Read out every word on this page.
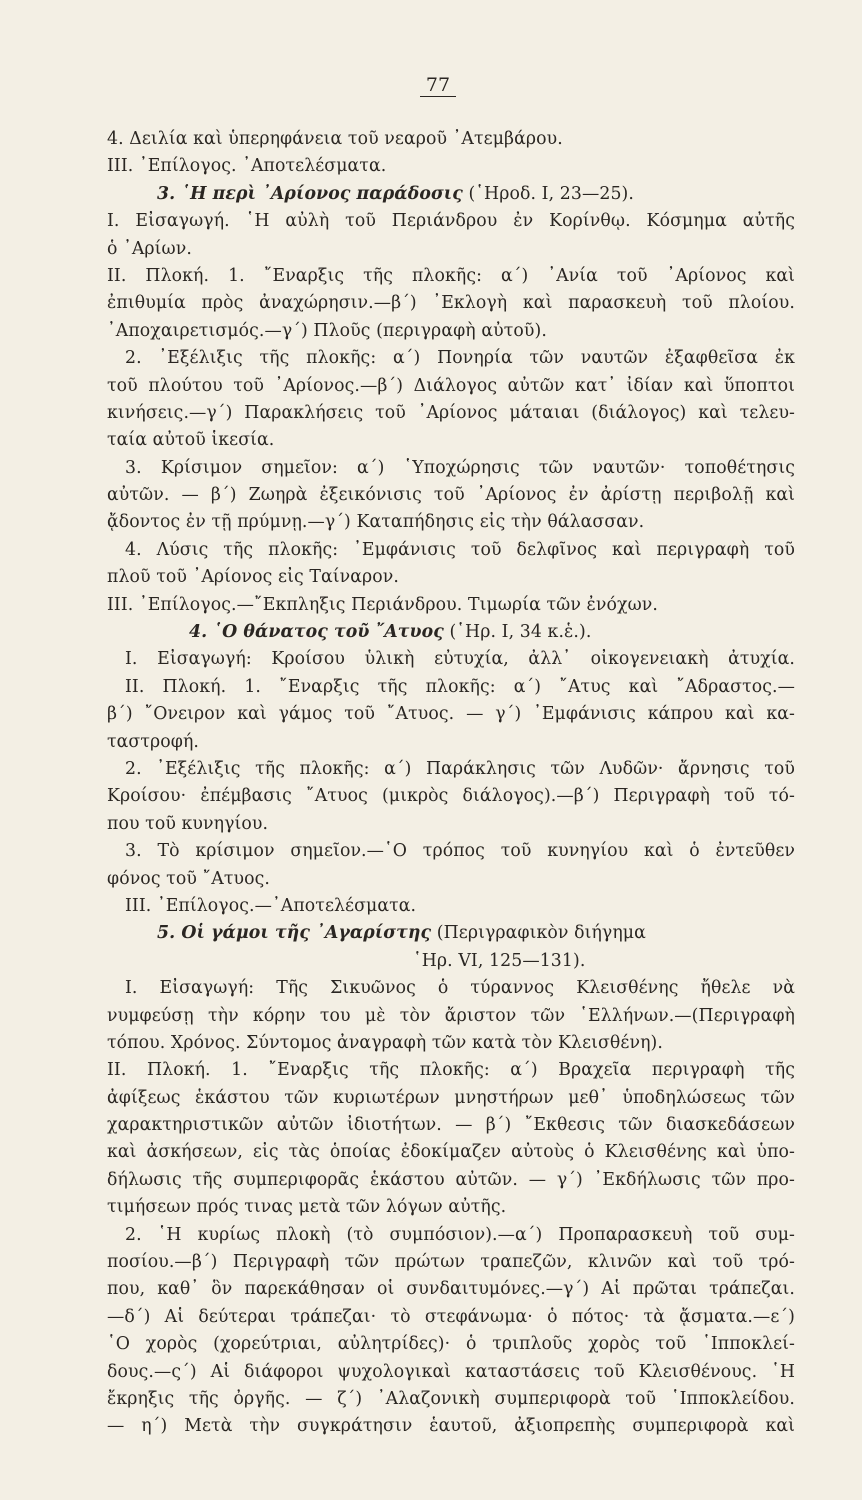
77
4. Δειλία καὶ ὑπερηφάνεια τοῦ νεαροῦ ᾿Ατεμβάρου.
ΙΙΙ. ᾿Επίλογος. ᾿Αποτελέσματα.
3. ῾Η περὶ ᾿Αρίονος παράδοσις (῾Ηροδ. Ι, 23—25).
Ι. Εἰσαγωγή. ῾Η αὐλὴ τοῦ Περιάνδρου ἐν Κορίνθῳ. Κόσμημα αὐτῆς
ὁ ᾿Αρίων.
ΙΙ. Πλοκή. 1. ῎Εναρξις τῆς πλοκῆς: α΄) ᾿Ανία τοῦ ᾿Αρίονος καὶ
ἐπιθυμία πρὸς ἀναχώρησιν.—β΄) ᾿Εκλογὴ καὶ παρασκευὴ τοῦ πλοίου.
᾿Αποχαιρετισμός.—γ΄) Πλοῦς (περιγραφὴ αὐτοῦ).
2. ᾿Εξέλιξις τῆς πλοκῆς: α΄) Πονηρία τῶν ναυτῶν ἐξαφθεῖσα ἐκ
τοῦ πλούτου τοῦ ᾿Αρίονος.—β΄) Διάλογος αὐτῶν κατ᾿ ἰδίαν καὶ ὕποπτοι
κινήσεις.—γ΄) Παρακλήσεις τοῦ ᾿Αρίονος μάταιαι (διάλογος) καὶ τελευ-
ταία αὐτοῦ ἱκεσία.
3. Κρίσιμον σημεῖον: α΄) ῾Υποχώρησις τῶν ναυτῶν· τοποθέτησις
αὐτῶν. — β΄) Ζωηρὰ ἐξεικόνισις τοῦ ᾿Αρίονος ἐν ἀρίστῃ περιβολῇ καὶ
ᾄδοντος ἐν τῇ πρύμνῃ.—γ΄) Καταπήδησις εἰς τὴν θάλασσαν.
4. Λύσις τῆς πλοκῆς: ᾿Εμφάνισις τοῦ δελφῖνος καὶ περιγραφὴ τοῦ
πλοῦ τοῦ ᾿Αρίονος εἰς Ταίναρον.
ΙΙΙ. ᾿Επίλογος.—῎Εκπληξις Περιάνδρου. Τιμωρία τῶν ἐνόχων.
4. ῾Ο θάνατος τοῦ ῎Ατυος (῾Ηρ. Ι, 34 κ.ἑ.).
Ι. Εἰσαγωγή: Κροίσου ὑλικὴ εὐτυχία, ἀλλ᾿ οἰκογενειακὴ ἀτυχία.
ΙΙ. Πλοκή. 1. ῎Εναρξις τῆς πλοκῆς: α΄) ῎Ατυς καὶ ῎Αδραστος.—
β΄) ῎Ονειρον καὶ γάμος τοῦ ῎Ατυος. — γ΄) ᾿Εμφάνισις κάπρου καὶ κα-
ταστροφή.
2. ᾿Εξέλιξις τῆς πλοκῆς: α΄) Παράκλησις τῶν Λυδῶν· ἄρνησις τοῦ
Κροίσου· ἐπέμβασις ῎Ατυος (μικρὸς διάλογος).—β΄) Περιγραφὴ τοῦ τό-
που τοῦ κυνηγίου.
3. Τὸ κρίσιμον σημεῖον.—῾Ο τρόπος τοῦ κυνηγίου καὶ ὁ ἐντεῦθεν
φόνος τοῦ ῎Ατυος.
ΙΙΙ. ᾿Επίλογος.—᾿Αποτελέσματα.
5. Οἱ γάμοι τῆς ᾿Αγαρίστης (Περιγραφικὸν διήγημα
῾Ηρ. VI, 125—131).
Ι. Εἰσαγωγή: Τῆς Σικυῶνος ὁ τύραννος Κλεισθένης ἤθελε νὰ
νυμφεύσῃ τὴν κόρην του μὲ τὸν ἄριστον τῶν ῾Ελλήνων.—(Περιγραφὴ
τόπου. Χρόνος. Σύντομος ἀναγραφὴ τῶν κατὰ τὸν Κλεισθένη).
ΙΙ. Πλοκή. 1. ῎Εναρξις τῆς πλοκῆς: α΄) Βραχεῖα περιγραφὴ τῆς
ἀφίξεως ἑκάστου τῶν κυριωτέρων μνηστήρων μεθ᾿ ὑποδηλώσεως τῶν
χαρακτηριστικῶν αὐτῶν ἰδιοτήτων. — β΄) ῎Εκθεσις τῶν διασκεδάσεων
καὶ ἀσκήσεων, εἰς τὰς ὁποίας ἐδοκίμαζεν αὐτοὺς ὁ Κλεισθένης καὶ ὑπο-
δήλωσις τῆς συμπεριφορᾶς ἑκάστου αὐτῶν. — γ΄) ᾿Εκδήλωσις τῶν προ-
τιμήσεων πρός τινας μετὰ τῶν λόγων αὐτῆς.
2. ῾Η κυρίως πλοκὴ (τὸ συμπόσιον).—α΄) Προπαρασκευὴ τοῦ συμ-
ποσίου.—β΄) Περιγραφὴ τῶν πρώτων τραπεζῶν, κλινῶν καὶ τοῦ τρό-
που, καθ᾿ ὃν παρεκάθησαν οἱ συνδαιτυμόνες.—γ΄) Αἱ πρῶται τράπεζαι.
—δ΄) Αἱ δεύτεραι τράπεζαι· τὸ στεφάνωμα· ὁ πότος· τὰ ᾄσματα.—ε΄)
῾Ο χορὸς (χορεύτριαι, αὐλητρίδες)· ὁ τριπλοῦς χορὸς τοῦ ῾Ιπποκλεί-
δους.—ς΄) Αἱ διάφοροι ψυχολογικαὶ καταστάσεις τοῦ Κλεισθένους. ῾Η
ἔκρηξις τῆς ὀργῆς. — ζ΄) ᾿Αλαζονικὴ συμπεριφορὰ τοῦ ῾Ιπποκλείδου.
— η΄) Μετὰ τὴν συγκράτησιν ἑαυτοῦ, ἀξιοπρεπὴς συμπεριφορὰ καὶ
